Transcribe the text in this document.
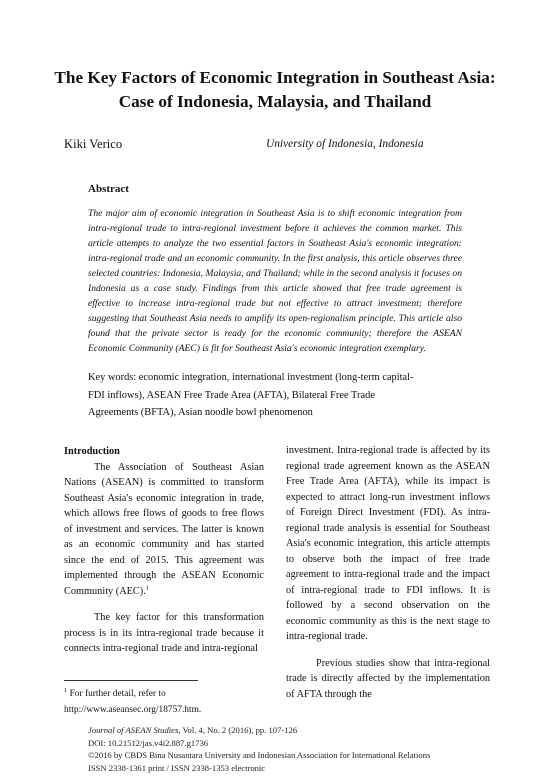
The Key Factors of Economic Integration in Southeast Asia: Case of Indonesia, Malaysia, and Thailand
Kiki Verico	University of Indonesia, Indonesia
Abstract
The major aim of economic integration in Southeast Asia is to shift economic integration from intra-regional trade to intra-regional investment before it achieves the common market. This article attempts to analyze the two essential factors in Southeast Asia's economic integration: intra-regional trade and an economic community. In the first analysis, this article observes three selected countries: Indonesia, Malaysia, and Thailand; while in the second analysis it focuses on Indonesia as a case study. Findings from this article showed that free trade agreement is effective to increase intra-regional trade but not effective to attract investment; therefore suggesting that Southeast Asia needs to amplify its open-regionalism principle. This article also found that the private sector is ready for the economic community; therefore the ASEAN Economic Community (AEC) is fit for Southeast Asia's economic integration exemplary.
Key words: economic integration, international investment (long-term capital-FDI inflows), ASEAN Free Trade Area (AFTA), Bilateral Free Trade Agreements (BFTA), Asian noodle bowl phenomenon

Introduction

The Association of Southeast Asian Nations (ASEAN) is committed to transform Southeast Asia's economic integration in trade, which allows free flows of goods to free flows of investment and services. The latter is known as an economic community and has started since the end of 2015. This agreement was implemented through the ASEAN Economic Community (AEC).$^1$

The key factor for this transformation process is in its intra-regional trade because it connects intra-regional trade and intra-regional

investment. Intra-regional trade is affected by its regional trade agreement known as the ASEAN Free Trade Area (AFTA), while its impact is expected to attract long-run investment inflows of Foreign Direct Investment (FDI). As intra-regional trade analysis is essential for Southeast Asia's economic integration, this article attempts to observe both the impact of free trade agreement to intra-regional trade and the impact of intra-regional trade to FDI inflows. It is followed by a second observation on the economic community as this is the next stage to intra-regional trade.

Previous studies show that intra-regional trade is directly affected by the implementation of AFTA through the

$^1$ For further detail, refer to
http://www.aseansec.org/18757.htm.
Journal of ASEAN Studies, Vol. 4, No. 2 (2016), pp. 107-126
DOI: 10.21512/jas.v4i2.887.g1736
©2016 by CBDS Bina Nusantara University and Indonesian Association for International Relations
ISSN 2338-1361 print / ISSN 2338-1353 electronic
